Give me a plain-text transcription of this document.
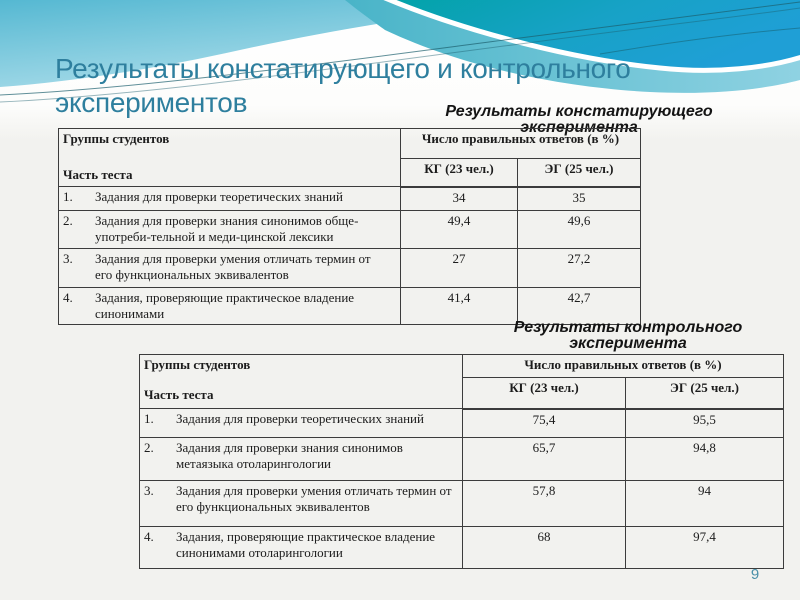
Результаты констатирующего и контрольного экспериментов	Результаты констатирующего эксперимента
Группы студентов
Часть теста	Число правильных ответов (в %)	
	КГ (23 чел.)	ЭГ (25 чел.)

1. Задания для проверки теоретических знаний	34	35

2. Задания для проверки знания синонимов обще-употреби-тельной и меди-цинской лексики	49,4	49,6

3. Задания для проверки умения отличать термин от его функциональных эквивалентов	27	27,2

4. Задания, проверяющие практическое владение синонимами	41,4	42,7
Результаты контрольного эксперимента
Группы студентов
Часть теста	Число правильных ответов (в %)	
	КГ (23 чел.)	ЭГ (25 чел.)

1. Задания для проверки теоретических знаний	75,4	95,5

2. Задания для проверки знания синонимов метаязыка отоларингологии	65,7	94,8

3. Задания для проверки умения отличать термин от его функциональных эквивалентов	57,8	94

4. Задания, проверяющие практическое владение синонимами отоларингологии	68	97,4
9
